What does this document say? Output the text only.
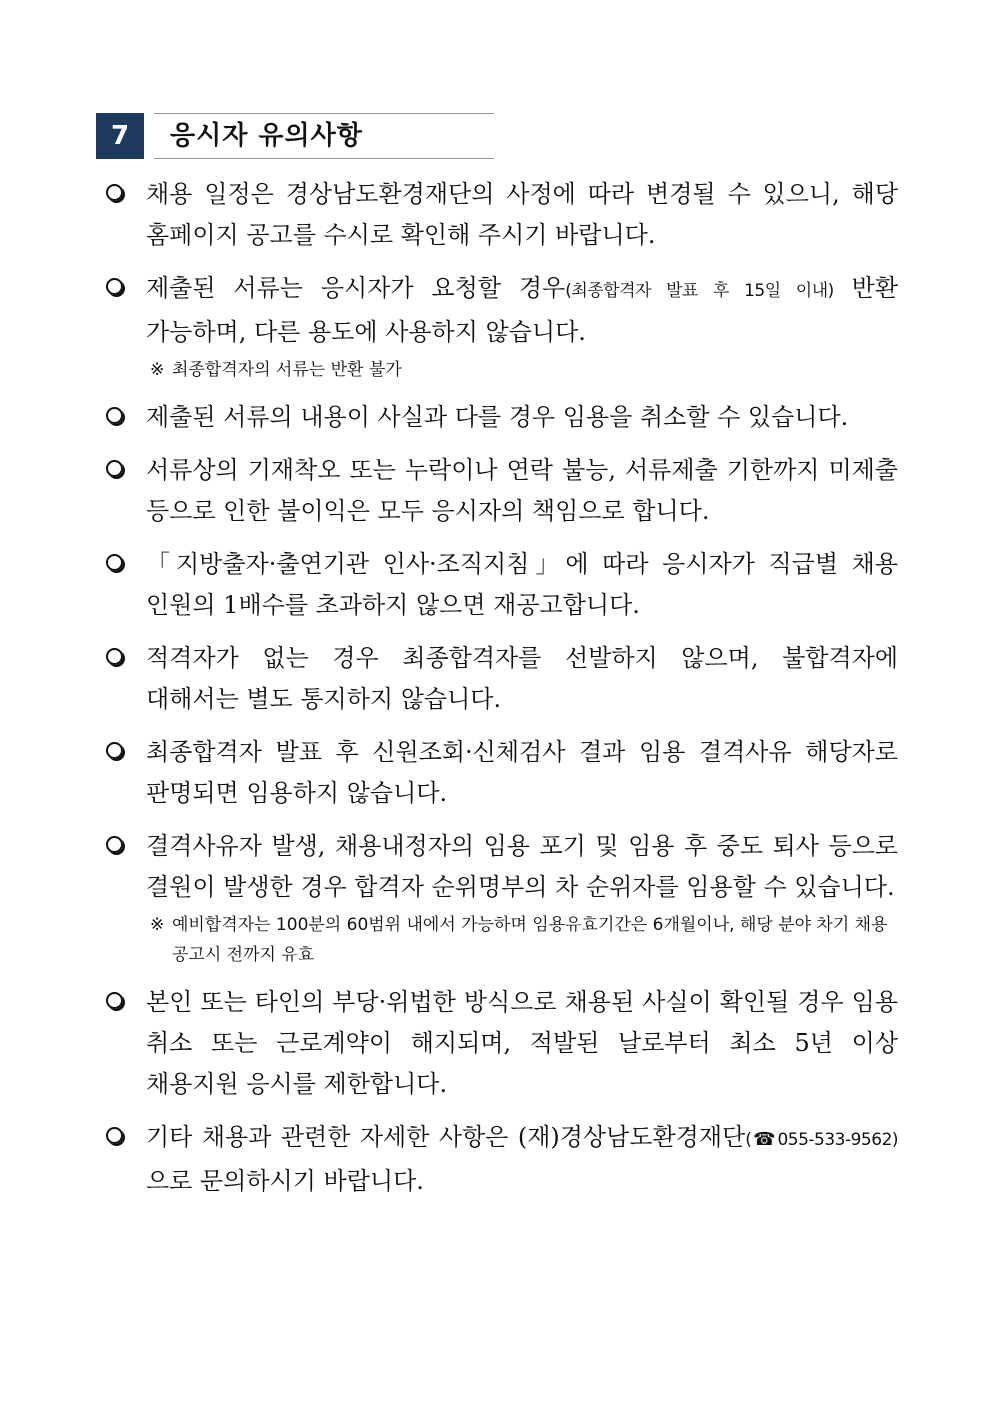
7	응시자 유의사항

채용 일정은 경상남도환경재단의 사정에 따라 변경될 수 있으니, 해당 홈페이지 공고를 수시로 확인해 주시기 바랍니다.

제출된 서류는 응시자가 요청할 경우(최종합격자 발표 후 15일 이내) 반환 가능하며, 다른 용도에 사용하지 않습니다.

※ 최종합격자의 서류는 반환 불가

제출된 서류의 내용이 사실과 다를 경우 임용을 취소할 수 있습니다.

서류상의 기재착오 또는 누락이나 연락 불능, 서류제출 기한까지 미제출 등으로 인한 불이익은 모두 응시자의 책임으로 합니다.

「지방출자·출연기관 인사·조직지침」에 따라 응시자가 직급별 채용 인원의 1배수를 초과하지 않으면 재공고합니다.

적격자가 없는 경우 최종합격자를 선발하지 않으며, 불합격자에 대해서는 별도 통지하지 않습니다.

최종합격자 발표 후 신원조회·신체검사 결과 임용 결격사유 해당자로 판명되면 임용하지 않습니다.

결격사유자 발생, 채용내정자의 임용 포기 및 임용 후 중도 퇴사 등으로 결원이 발생한 경우 합격자 순위명부의 차 순위자를 임용할 수 있습니다.

※ 예비합격자는 100분의 60범위 내에서 가능하며 임용유효기간은 6개월이나, 해당 분야 차기 채용공고시 전까지 유효

본인 또는 타인의 부당·위법한 방식으로 채용된 사실이 확인될 경우 임용 취소 또는 근로계약이 해지되며, 적발된 날로부터 최소 5년 이상 채용지원 응시를 제한합니다.

기타 채용과 관련한 자세한 사항은 (재)경상남도환경재단(☎055-533-9562) 으로 문의하시기 바랍니다.
